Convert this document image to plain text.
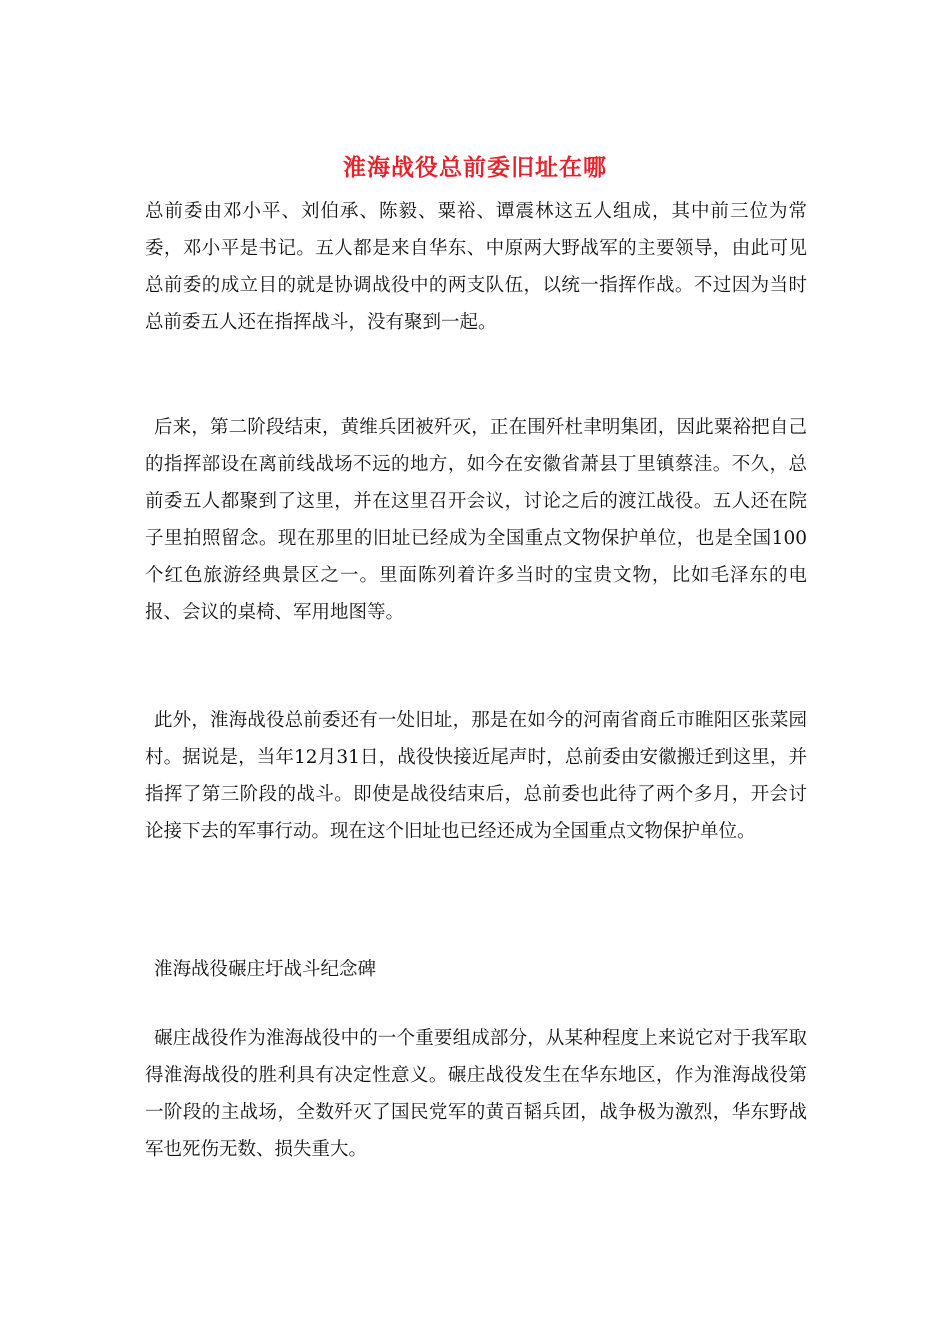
淮海战役总前委旧址在哪

总前委由邓小平、刘伯承、陈毅、粟裕、谭震林这五人组成，其中前三位为常委，邓小平是书记。五人都是来自华东、中原两大野战军的主要领导，由此可见总前委的成立目的就是协调战役中的两支队伍，以统一指挥作战。不过因为当时总前委五人还在指挥战斗，没有聚到一起。

后来，第二阶段结束，黄维兵团被歼灭，正在围歼杜聿明集团，因此粟裕把自己的指挥部设在离前线战场不远的地方，如今在安徽省萧县丁里镇蔡洼。不久，总前委五人都聚到了这里，并在这里召开会议，讨论之后的渡江战役。五人还在院子里拍照留念。现在那里的旧址已经成为全国重点文物保护单位，也是全国100个红色旅游经典景区之一。里面陈列着许多当时的宝贵文物，比如毛泽东的电报、会议的桌椅、军用地图等。

此外，淮海战役总前委还有一处旧址，那是在如今的河南省商丘市睢阳区张菜园村。据说是，当年12月31日，战役快接近尾声时，总前委由安徽搬迁到这里，并指挥了第三阶段的战斗。即使是战役结束后，总前委也此待了两个多月，开会讨论接下去的军事行动。现在这个旧址也已经还成为全国重点文物保护单位。

淮海战役碾庄圩战斗纪念碑

碾庄战役作为淮海战役中的一个重要组成部分，从某种程度上来说它对于我军取得淮海战役的胜利具有决定性意义。碾庄战役发生在华东地区，作为淮海战役第一阶段的主战场，全数歼灭了国民党军的黄百韬兵团，战争极为激烈，华东野战军也死伤无数、损失重大。
